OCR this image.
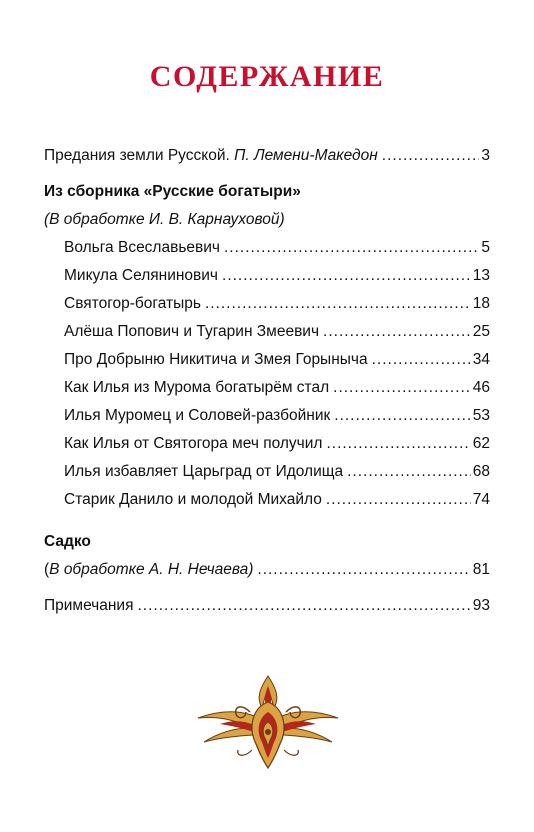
СОДЕРЖАНИЕ
Предания земли Русской. П. Лемени-Македон .....	3
Из сборника «Русские богатыри»
(В обработке И. В. Карнауховой)
Вольга Всеславьевич .....	5
Микула Селянинович .....	13
Святогор-богатырь .....	18
Алёша Попович и Тугарин Змеевич .....	25
Про Добрыню Никитича и Змея Горыныча .....	34
Как Илья из Мурома богатырём стал .....	46
Илья Муромец и Соловей-разбойник .....	53
Как Илья от Святогора меч получил .....	62
Илья избавляет Царьград от Идолища .....	68
Старик Данило и молодой Михайло .....	74
Садко
(В обработке А. Н. Нечаева) .....	81
Примечания .....	93
